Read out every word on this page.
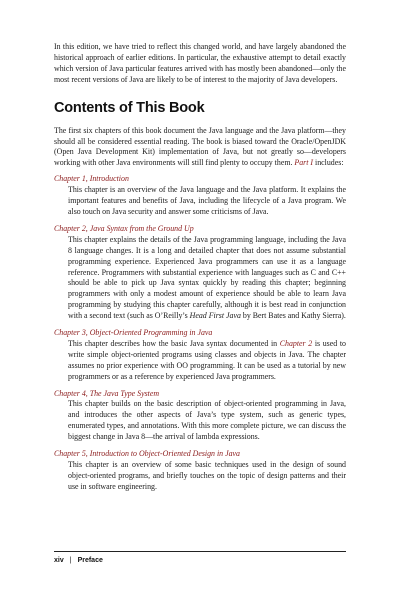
In this edition, we have tried to reflect this changed world, and have largely abandoned the historical approach of earlier editions. In particular, the exhaustive attempt to detail exactly which version of Java particular features arrived with has mostly been abandoned—only the most recent versions of Java are likely to be of interest to the majority of Java developers.

Contents of This Book

The first six chapters of this book document the Java language and the Java platform—they should all be considered essential reading. The book is biased toward the Oracle/OpenJDK (Open Java Development Kit) implementation of Java, but not greatly so—developers working with other Java environments will still find plenty to occupy them. Part I includes:

Chapter 1, Introduction

This chapter is an overview of the Java language and the Java platform. It explains the important features and benefits of Java, including the lifecycle of a Java program. We also touch on Java security and answer some criticisms of Java.

Chapter 2, Java Syntax from the Ground Up

This chapter explains the details of the Java programming language, including the Java 8 language changes. It is a long and detailed chapter that does not assume substantial programming experience. Experienced Java programmers can use it as a language reference. Programmers with substantial experience with languages such as C and C++ should be able to pick up Java syntax quickly by reading this chapter; beginning programmers with only a modest amount of experience should be able to learn Java programming by studying this chapter carefully, although it is best read in conjunction with a second text (such as O’Reilly’s Head First Java by Bert Bates and Kathy Sierra).

Chapter 3, Object-Oriented Programming in Java

This chapter describes how the basic Java syntax documented in Chapter 2 is used to write simple object-oriented programs using classes and objects in Java. The chapter assumes no prior experience with OO programming. It can be used as a tutorial by new programmers or as a reference by experienced Java programmers.

Chapter 4, The Java Type System

This chapter builds on the basic description of object-oriented programming in Java, and introduces the other aspects of Java’s type system, such as generic types, enumerated types, and annotations. With this more complete picture, we can discuss the biggest change in Java 8—the arrival of lambda expressions.

Chapter 5, Introduction to Object-Oriented Design in Java

This chapter is an overview of some basic techniques used in the design of sound object-oriented programs, and briefly touches on the topic of design patterns and their use in software engineering.

xiv | Preface
